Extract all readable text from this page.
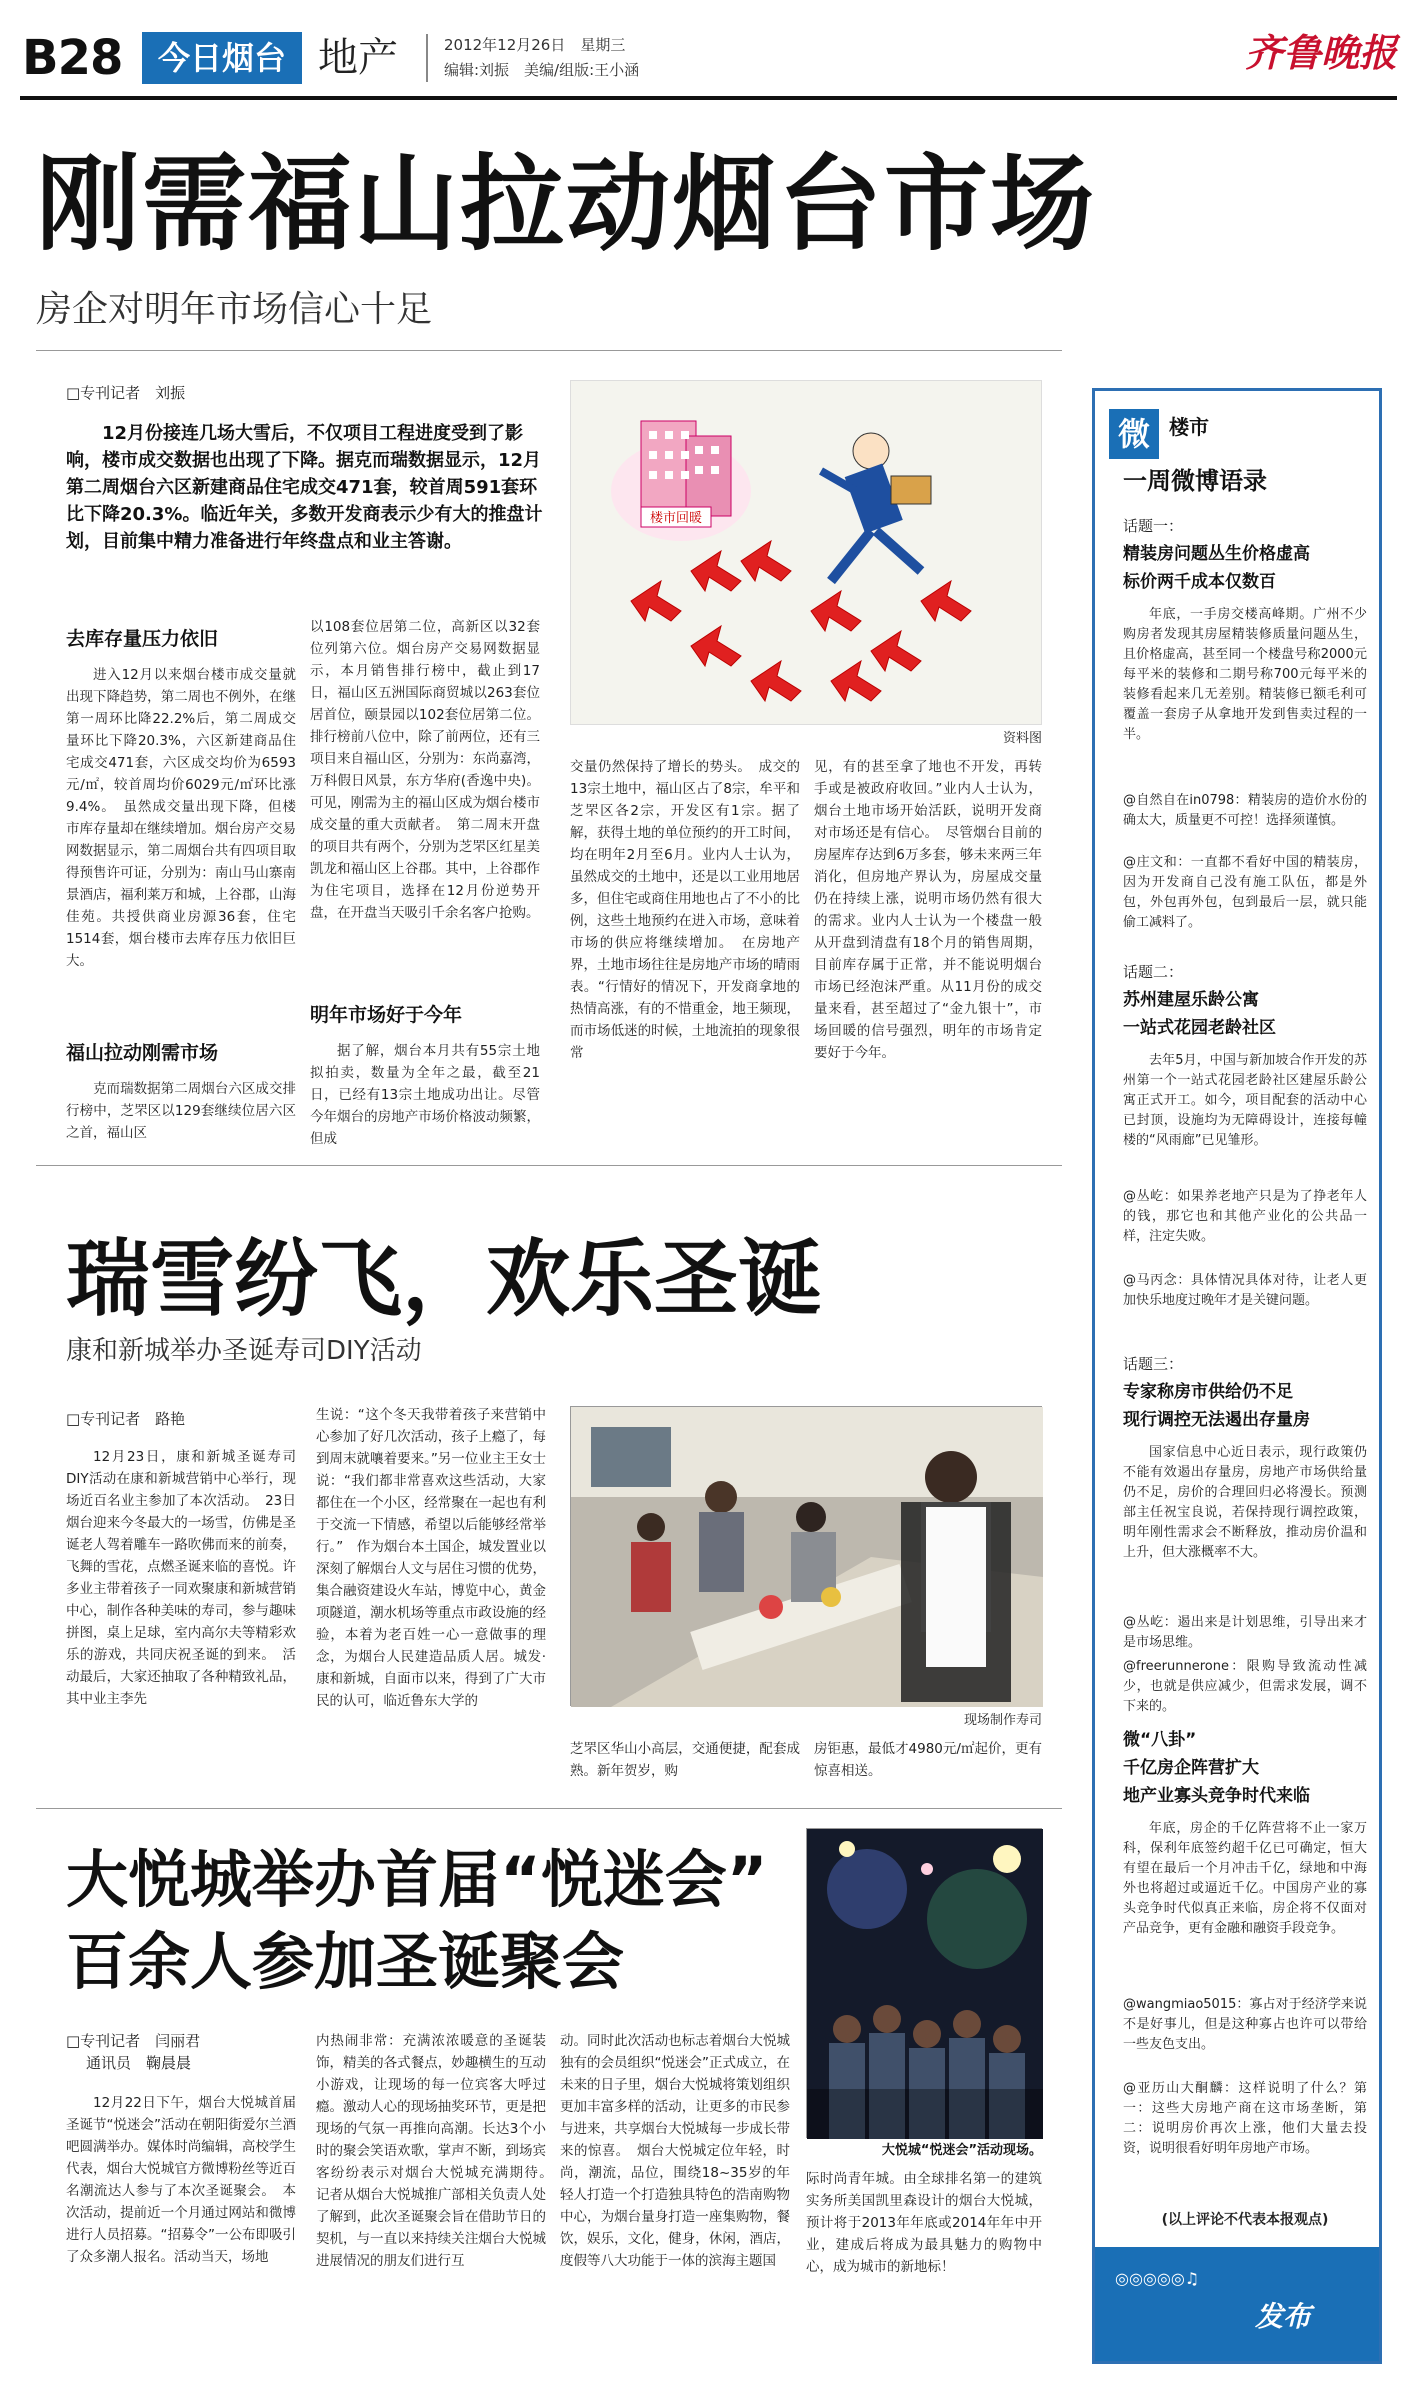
B28	今日烟台 地产	2012年12月26日　星期三
编辑:刘振　美编/组版:王小涵	齐鲁晚报
刚需福山拉动烟台市场
房企对明年市场信心十足
□专刊记者　刘振
12月份接连几场大雪后，不仅项目工程进度受到了影响，楼市成交数据也出现了下降。据克而瑞数据显示，12月第二周烟台六区新建商品住宅成交471套，较首周591套环比下降20.3%。临近年关，多数开发商表示少有大的推盘计划，目前集中精力准备进行年终盘点和业主答谢。
去库存量压力依旧
进入12月以来烟台楼市成交量就出现下降趋势，第二周也不例外，在继第一周环比降22.2%后，第二周成交量环比下降20.3%，六区新建商品住宅成交471套，六区成交均价为6593元/㎡，较首周均价6029元/㎡环比涨9.4%。　虽然成交量出现下降，但楼市库存量却在继续增加。烟台房产交易网数据显示，第二周烟台共有四项目取得预售许可证，分别为：南山马山寨南景酒店，福利莱万和城，上谷郡，山海佳苑。共授供商业房源36套，住宅1514套，烟台楼市去库存压力依旧巨大。
福山拉动刚需市场
克而瑞数据第二周烟台六区成交排行榜中，芝罘区以129套继续位居六区之首，福山区
以108套位居第二位，高新区以32套位列第六位。烟台房产交易网数据显示，本月销售排行榜中，截止到17日，福山区五洲国际商贸城以263套位居首位，颐景园以102套位居第二位。排行榜前八位中，除了前两位，还有三项目来自福山区，分别为：东尚嘉湾，万科假日风景，东方华府(香逸中央)。可见，刚需为主的福山区成为烟台楼市成交量的重大贡献者。　第二周末开盘的项目共有两个，分别为芝罘区红星美凯龙和福山区上谷郡。其中，上谷郡作为住宅项目，选择在12月份逆势开盘，在开盘当天吸引千余名客户抢购。
明年市场好于今年
据了解，烟台本月共有55宗土地拟拍卖，数量为全年之最，截至21日，已经有13宗土地成功出让。尽管今年烟台的房地产市场价格波动频繁，但成
楼市回暖
资料图
交量仍然保持了增长的势头。　成交的13宗土地中，福山区占了8宗，牟平和芝罘区各2宗，开发区有1宗。据了解，获得土地的单位预约的开工时间，均在明年2月至6月。业内人士认为，虽然成交的土地中，还是以工业用地居多，但住宅或商住用地也占了不小的比例，这些土地预约在进入市场，意味着市场的供应将继续增加。　在房地产界，土地市场往往是房地产市场的晴雨表。“行情好的情况下，开发商拿地的热情高涨，有的不惜重金，地王频现，而市场低迷的时候，土地流拍的现象很常
见，有的甚至拿了地也不开发，再转手或是被政府收回。”业内人士认为，烟台土地市场开始活跃，说明开发商对市场还是有信心。　尽管烟台目前的房屋库存达到6万多套，够未来两三年消化，但房地产界认为，房屋成交量仍在持续上涨，说明市场仍然有很大的需求。业内人士认为一个楼盘一般从开盘到清盘有18个月的销售周期，目前库存属于正常，并不能说明烟台市场已经泡沫严重。从11月份的成交量来看，甚至超过了“金九银十”，市场回暖的信号强烈，明年的市场肯定要好于今年。
瑞雪纷飞，欢乐圣诞
康和新城举办圣诞寿司DIY活动
□专刊记者　路艳
12月23日，康和新城圣诞寿司DIY活动在康和新城营销中心举行，现场近百名业主参加了本次活动。　23日烟台迎来今冬最大的一场雪，仿佛是圣诞老人驾着雕车一路吹佛而来的前奏，飞舞的雪花，点燃圣诞来临的喜悦。许多业主带着孩子一同欢聚康和新城营销中心，制作各种美味的寿司，参与趣味拼图，桌上足球，室内高尔夫等精彩欢乐的游戏，共同庆祝圣诞的到来。　活动最后，大家还抽取了各种精致礼品，其中业主李先
生说：“这个冬天我带着孩子来营销中心参加了好几次活动，孩子上瘾了，每到周末就嚷着要来。”另一位业主王女士说：“我们都非常喜欢这些活动，大家都住在一个小区，经常聚在一起也有利于交流一下情感，希望以后能够经常举行。”　作为烟台本土国企，城发置业以深刻了解烟台人文与居住习惯的优势，集合融资建设火车站，博览中心，黄金项隧道，潮水机场等重点市政设施的经验，本着为老百姓一心一意做事的理念，为烟台人民建造品质人居。城发·康和新城，自面市以来，得到了广大市民的认可，临近鲁东大学的
现场制作寿司
芝罘区华山小高层，交通便捷，配套成熟。新年贺岁，购
房钜惠，最低才4980元/㎡起价，更有惊喜相送。
大悦城举办首届“悦迷会”
百余人参加圣诞聚会
□专刊记者　闫丽君
通讯员　鞠晨晨
12月22日下午，烟台大悦城首届圣诞节“悦迷会”活动在朝阳街爱尔兰酒吧圆满举办。媒体时尚编辑，高校学生代表，烟台大悦城官方微博粉丝等近百名潮流达人参与了本次圣诞聚会。　本次活动，提前近一个月通过网站和微博进行人员招募。“招募令”一公布即吸引了众多潮人报名。活动当天，场地
内热闹非常：充满浓浓暖意的圣诞装饰，精美的各式餐点，妙趣横生的互动小游戏，让现场的每一位宾客大呼过瘾。激动人心的现场抽奖环节，更是把现场的气氛一再推向高潮。长达3个小时的聚会笑语欢歌，掌声不断，到场宾客纷纷表示对烟台大悦城充满期待。　记者从烟台大悦城推广部相关负责人处了解到，此次圣诞聚会旨在借助节日的契机，与一直以来持续关注烟台大悦城进展情况的朋友们进行互
动。同时此次活动也标志着烟台大悦城独有的会员组织“悦迷会”正式成立，在未来的日子里，烟台大悦城将策划组织更加丰富多样的活动，让更多的市民参与进来，共享烟台大悦城每一步成长带来的惊喜。　烟台大悦城定位年轻，时尚，潮流，品位，围绕18~35岁的年轻人打造一个打造独具特色的浩南购物中心，为烟台量身打造一座集购物，餐饮，娱乐，文化，健身，休闲，酒店，度假等八大功能于一体的滨海主题国
大悦城“悦迷会”活动现场。
际时尚青年城。由全球排名第一的建筑实务所美国凯里森设计的烟台大悦城，预计将于2013年年底或2014年年中开业，建成后将成为最具魅力的购物中心，成为城市的新地标！
微 楼市
一周微博语录
话题一：
精装房问题丛生价格虚高
标价两千成本仅数百
年底，一手房交楼高峰期。广州不少购房者发现其房屋精装修质量问题丛生，且价格虚高，甚至同一个楼盘号称2000元每平米的装修和二期号称700元每平米的装修看起来几无差别。精装修已额毛利可覆盖一套房子从拿地开发到售卖过程的一半。
@自然自在in0798：精装房的造价水份的确太大，质量更不可控！选择须谨慎。
@庄文和：一直都不看好中国的精装房，因为开发商自己没有施工队伍，都是外包，外包再外包，包到最后一层，就只能偷工减料了。
话题二：
苏州建屋乐龄公寓
一站式花园老龄社区
去年5月，中国与新加坡合作开发的苏州第一个一站式花园老龄社区建屋乐龄公寓正式开工。如今，项目配套的活动中心已封顶，设施均为无障碍设计，连接每幢楼的“风雨廊”已见雏形。
@丛屹：如果养老地产只是为了挣老年人的钱，那它也和其他产业化的公共品一样，注定失败。
@马丙念：具体情况具体对待，让老人更加快乐地度过晚年才是关键问题。
话题三：
专家称房市供给仍不足
现行调控无法遏出存量房
国家信息中心近日表示，现行政策仍不能有效遏出存量房，房地产市场供给量仍不足，房价的合理回归必将漫长。预测部主任祝宝良说，若保持现行调控政策，明年刚性需求会不断释放，推动房价温和上升，但大涨概率不大。
@丛屹：遏出来是计划思维，引导出来才是市场思维。
@freerunnerone：限购导致流动性减少，也就是供应减少，但需求发展，调不下来的。
微“八卦”
千亿房企阵营扩大
地产业寡头竞争时代来临
年底，房企的千亿阵营将不止一家万科，保利年底签约超千亿已可确定，恒大有望在最后一个月冲击千亿，绿地和中海外也将超过或逼近千亿。中国房产业的寡头竞争时代似真正来临，房企将不仅面对产品竞争，更有金融和融资手段竞争。
@wangmiao5015：寡占对于经济学来说不是好事儿，但是这种寡占也许可以带给一些友色支出。
@亚历山大酮麟：这样说明了什么？第一：这些大房地产商在这市场垄断，第二：说明房价再次上涨，他们大量去投资，说明很看好明年房地产市场。
(以上评论不代表本报观点)
◎◎◎◎◎♫
发布
